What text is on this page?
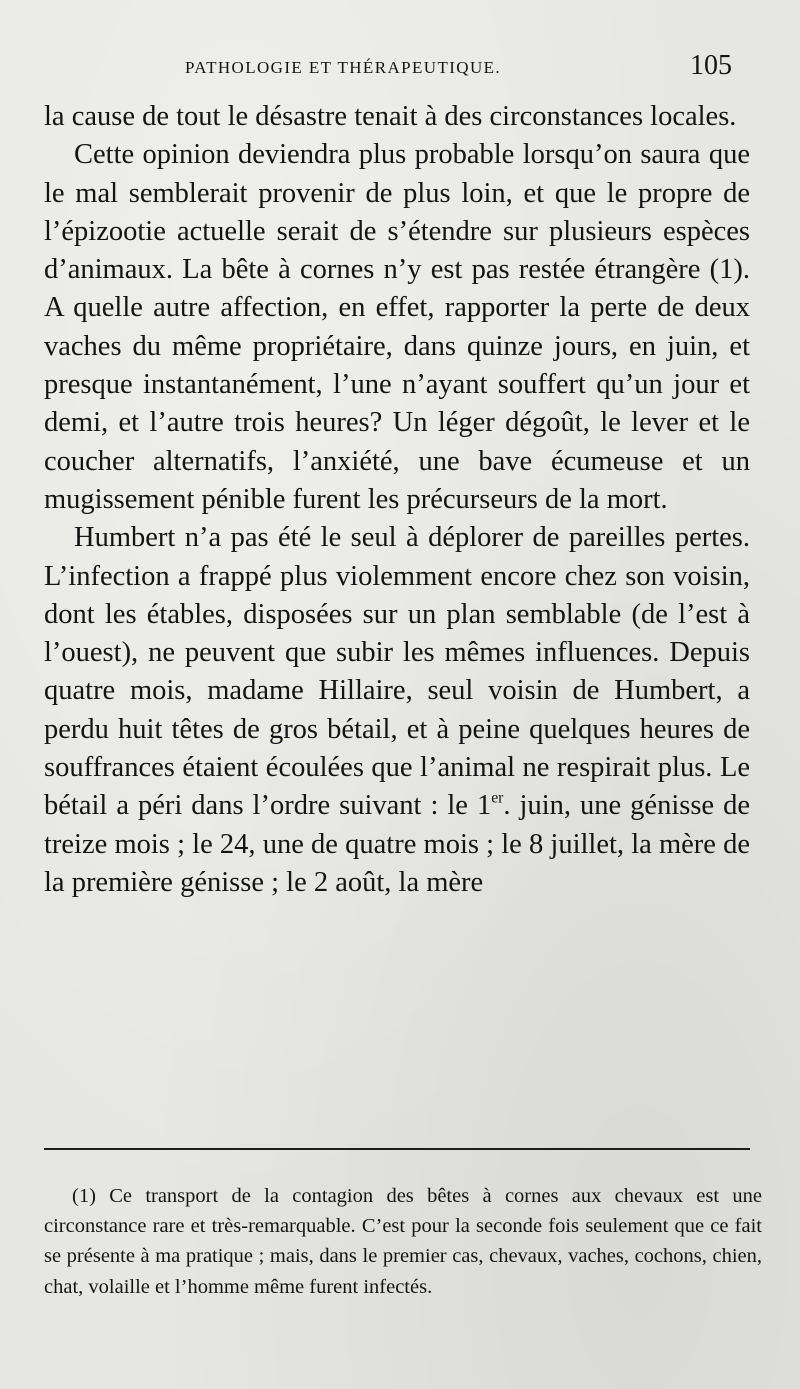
PATHOLOGIE ET THÉRAPEUTIQUE.	105

la cause de tout le désastre tenait à des circonstances locales.

Cette opinion deviendra plus probable lorsqu’on saura que le mal semblerait provenir de plus loin, et que le propre de l’épizootie actuelle serait de s’étendre sur plusieurs espèces d’animaux. La bête à cornes n’y est pas restée étrangère (1). A quelle autre affection, en effet, rapporter la perte de deux vaches du même propriétaire, dans quinze jours, en juin, et presque instantanément, l’une n’ayant souffert qu’un jour et demi, et l’autre trois heures? Un léger dégoût, le lever et le coucher alternatifs, l’anxiété, une bave écumeuse et un mugissement pénible furent les précurseurs de la mort.

Humbert n’a pas été le seul à déplorer de pareilles pertes. L’infection a frappé plus violemment encore chez son voisin, dont les étables, disposées sur un plan semblable (de l’est à l’ouest), ne peuvent que subir les mêmes influences. Depuis quatre mois, madame Hillaire, seul voisin de Humbert, a perdu huit têtes de gros bétail, et à peine quelques heures de souffrances étaient écoulées que l’animal ne respirait plus. Le bétail a péri dans l’ordre suivant : le 1er. juin, une génisse de treize mois ; le 24, une de quatre mois ; le 8 juillet, la mère de la première génisse ; le 2 août, la mère

(1) Ce transport de la contagion des bêtes à cornes aux chevaux est une circonstance rare et très-remarquable. C’est pour la seconde fois seulement que ce fait se présente à ma pratique ; mais, dans le premier cas, chevaux, vaches, cochons, chien, chat, volaille et l’homme même furent infectés.
